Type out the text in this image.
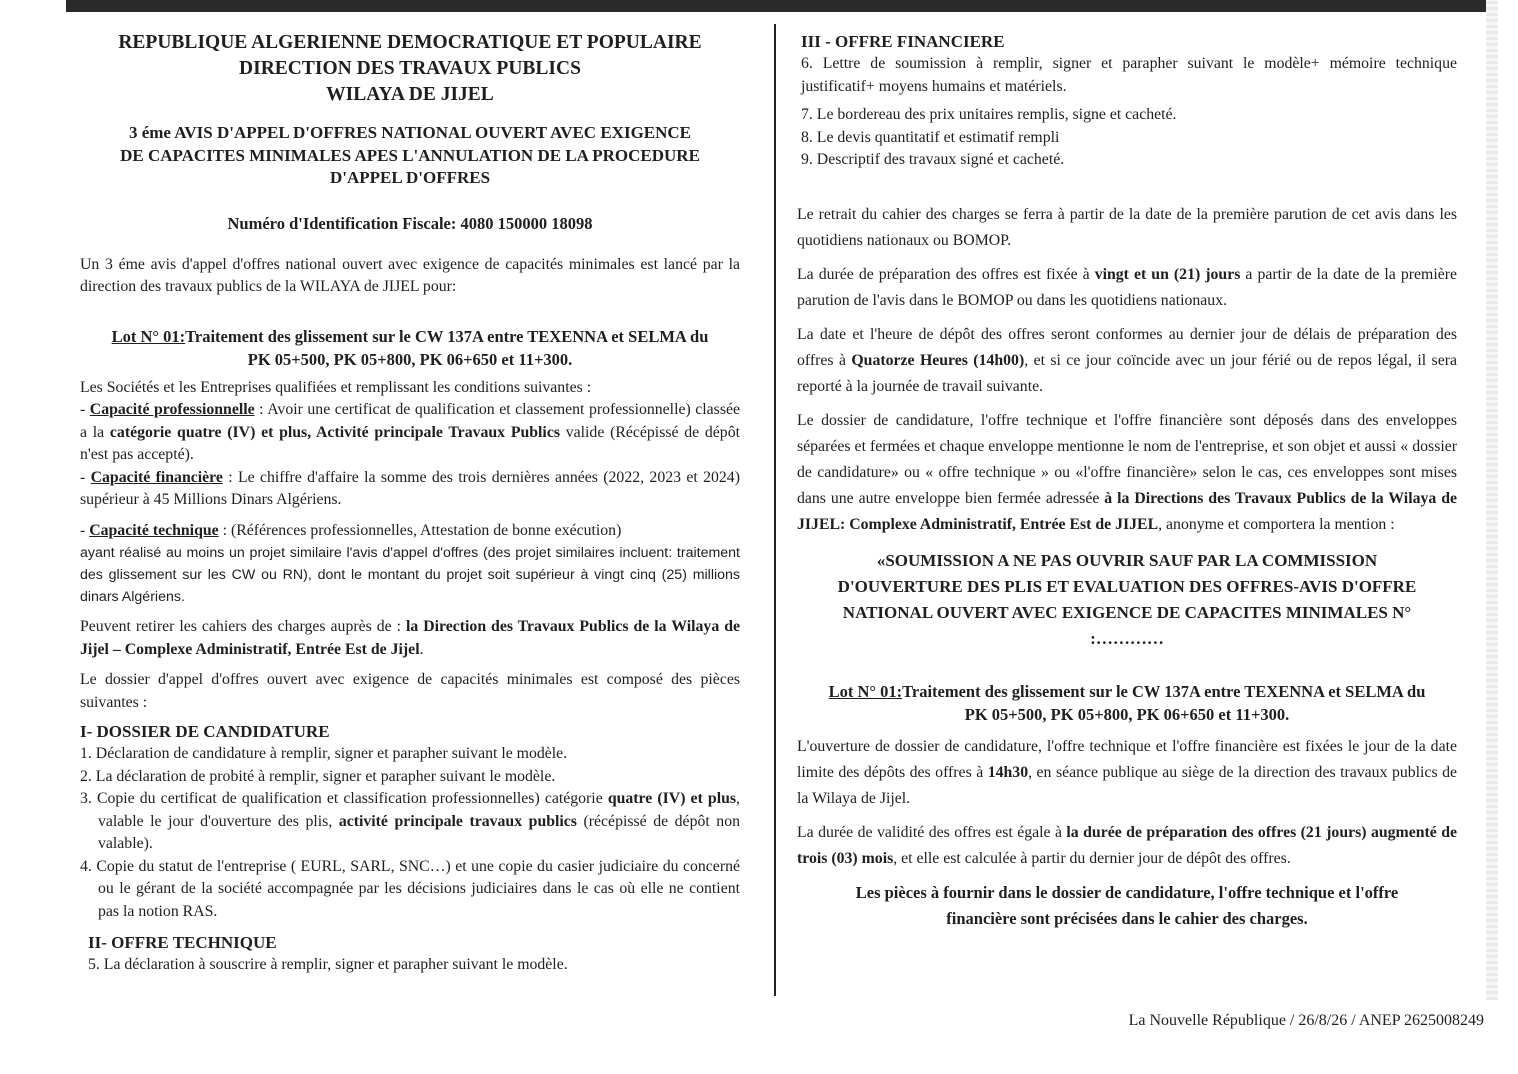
REPUBLIQUE ALGERIENNE DEMOCRATIQUE ET POPULAIRE
DIRECTION DES TRAVAUX PUBLICS
WILAYA DE JIJEL
3 éme AVIS D'APPEL D'OFFRES NATIONAL OUVERT AVEC EXIGENCE
DE CAPACITES MINIMALES APES L'ANNULATION DE LA PROCEDURE
D'APPEL D'OFFRES
Numéro d'Identification Fiscale: 4080 150000 18098

Un 3 éme avis d'appel d'offres national ouvert avec exigence de capacités minimales est lancé par la direction des travaux publics de la WILAYA de JIJEL pour:

Lot N° 01:Traitement des glissement sur le CW 137A entre TEXENNA et SELMA du
PK 05+500, PK 05+800, PK 06+650 et 11+300.

Les Sociétés et les Entreprises qualifiées et remplissant les conditions suivantes :

- Capacité professionnelle : Avoir une certificat de qualification et classement professionnelle) classée a la catégorie quatre (IV) et plus, Activité principale Travaux Publics valide (Récépissé de dépôt n'est pas accepté).

- Capacité financière : Le chiffre d'affaire la somme des trois dernières années (2022, 2023 et 2024) supérieur à 45 Millions Dinars Algériens.

- Capacité technique : (Références professionnelles, Attestation de bonne exécution)

ayant réalisé au moins un projet similaire l'avis d'appel d'offres (des projet similaires incluent: traitement des glissement sur les CW ou RN), dont le montant du projet soit supérieur à vingt cinq (25) millions dinars Algériens.

Peuvent retirer les cahiers des charges auprès de : la Direction des Travaux Publics de la Wilaya de Jijel – Complexe Administratif, Entrée Est de Jijel.

Le dossier d'appel d'offres ouvert avec exigence de capacités minimales est composé des pièces suivantes :

I- DOSSIER DE CANDIDATURE

1. Déclaration de candidature à remplir, signer et parapher suivant le modèle.
2. La déclaration de probité à remplir, signer et parapher suivant le modèle.
3. Copie du certificat de qualification et classification professionnelles) catégorie quatre (IV) et plus, valable le jour d'ouverture des plis, activité principale travaux publics (récépissé de dépôt non valable).
4. Copie du statut de l'entreprise ( EURL, SARL, SNC…) et une copie du casier judiciaire du concerné ou le gérant de la société accompagnée par les décisions judiciaires dans le cas où elle ne contient pas la notion RAS.

II- OFFRE TECHNIQUE

5. La déclaration à souscrire à remplir, signer et parapher suivant le modèle.

III - OFFRE FINANCIERE

6. Lettre de soumission à remplir, signer et parapher suivant le modèle+ mémoire technique justificatif+ moyens humains et matériels.

7. Le bordereau des prix unitaires remplis, signe et cacheté.
8. Le devis quantitatif et estimatif rempli
9. Descriptif des travaux signé et cacheté.

Le retrait du cahier des charges se ferra à partir de la date de la première parution de cet avis dans les quotidiens nationaux ou BOMOP.

La durée de préparation des offres est fixée à vingt et un (21) jours a partir de la date de la première parution de l'avis dans le BOMOP ou dans les quotidiens nationaux.

La date et l'heure de dépôt des offres seront conformes au dernier jour de délais de préparation des offres à Quatorze Heures (14h00), et si ce jour coïncide avec un jour férié ou de repos légal, il sera reporté à la journée de travail suivante.

Le dossier de candidature, l'offre technique et l'offre financière sont déposés dans des enveloppes séparées et fermées et chaque enveloppe mentionne le nom de l'entreprise, et son objet et aussi « dossier de candidature» ou « offre technique » ou «l'offre financière» selon le cas, ces enveloppes sont mises dans une autre enveloppe bien fermée adressée à la Directions des Travaux Publics de la Wilaya de JIJEL: Complexe Administratif, Entrée Est de JIJEL, anonyme et comportera la mention :

«SOUMISSION A NE PAS OUVRIR SAUF PAR LA COMMISSION
D'OUVERTURE DES PLIS ET EVALUATION DES OFFRES-AVIS D'OFFRE
NATIONAL OUVERT AVEC EXIGENCE DE CAPACITES MINIMALES N°
:…………
Lot N° 01:Traitement des glissement sur le CW 137A entre TEXENNA et SELMA du
PK 05+500, PK 05+800, PK 06+650 et 11+300.

L'ouverture de dossier de candidature, l'offre technique et l'offre financière est fixées le jour de la date limite des dépôts des offres à 14h30, en séance publique au siège de la direction des travaux publics de la Wilaya de Jijel.

La durée de validité des offres est égale à la durée de préparation des offres (21 jours) augmenté de trois (03) mois, et elle est calculée à partir du dernier jour de dépôt des offres.

Les pièces à fournir dans le dossier de candidature, l'offre technique et l'offre
financière sont précisées dans le cahier des charges.
La Nouvelle République / 26/8/26 / ANEP 2625008249
